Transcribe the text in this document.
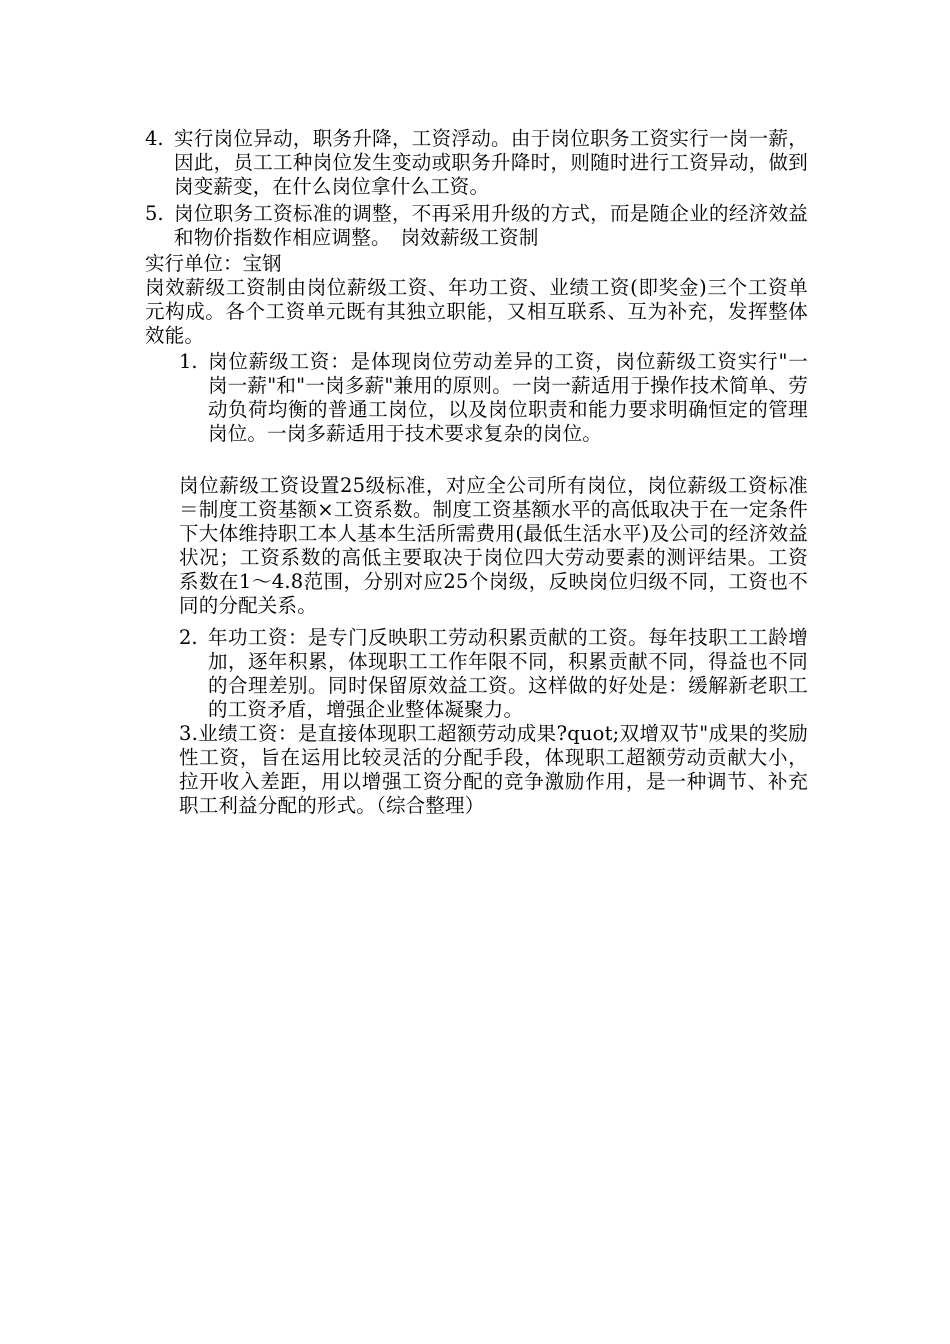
4. 实行岗位异动，职务升降，工资浮动。由于岗位职务工资实行一岗一薪，因此，员工工种岗位发生变动或职务升降时，则随时进行工资异动，做到岗变薪变，在什么岗位拿什么工资。
5. 岗位职务工资标准的调整，不再采用升级的方式，而是随企业的经济效益和物价指数作相应调整。　岗效薪级工资制
实行单位：宝钢
岗效薪级工资制由岗位薪级工资、年功工资、业绩工资(即奖金)三个工资单元构成。各个工资单元既有其独立职能，又相互联系、互为补充，发挥整体效能。
1. 岗位薪级工资：是体现岗位劳动差异的工资，岗位薪级工资实行"一岗一薪"和"一岗多薪"兼用的原则。一岗一薪适用于操作技术简单、劳动负荷均衡的普通工岗位，以及岗位职责和能力要求明确恒定的管理岗位。一岗多薪适用于技术要求复杂的岗位。
岗位薪级工资设置25级标准，对应全公司所有岗位，岗位薪级工资标准＝制度工资基额×工资系数。制度工资基额水平的高低取决于在一定条件下大体维持职工本人基本生活所需费用(最低生活水平)及公司的经济效益状况；工资系数的高低主要取决于岗位四大劳动要素的测评结果。工资系数在1～4.8范围，分别对应25个岗级，反映岗位归级不同，工资也不同的分配关系。
2. 年功工资：是专门反映职工劳动积累贡献的工资。每年技职工工龄增加，逐年积累，体现职工工作年限不同，积累贡献不同，得益也不同的合理差别。同时保留原效益工资。这样做的好处是：缓解新老职工的工资矛盾，增强企业整体凝聚力。
3.业绩工资：是直接体现职工超额劳动成果?quot;双增双节"成果的奖励性工资，旨在运用比较灵活的分配手段，体现职工超额劳动贡献大小，拉开收入差距，用以增强工资分配的竞争激励作用，是一种调节、补充职工利益分配的形式。（综合整理）
